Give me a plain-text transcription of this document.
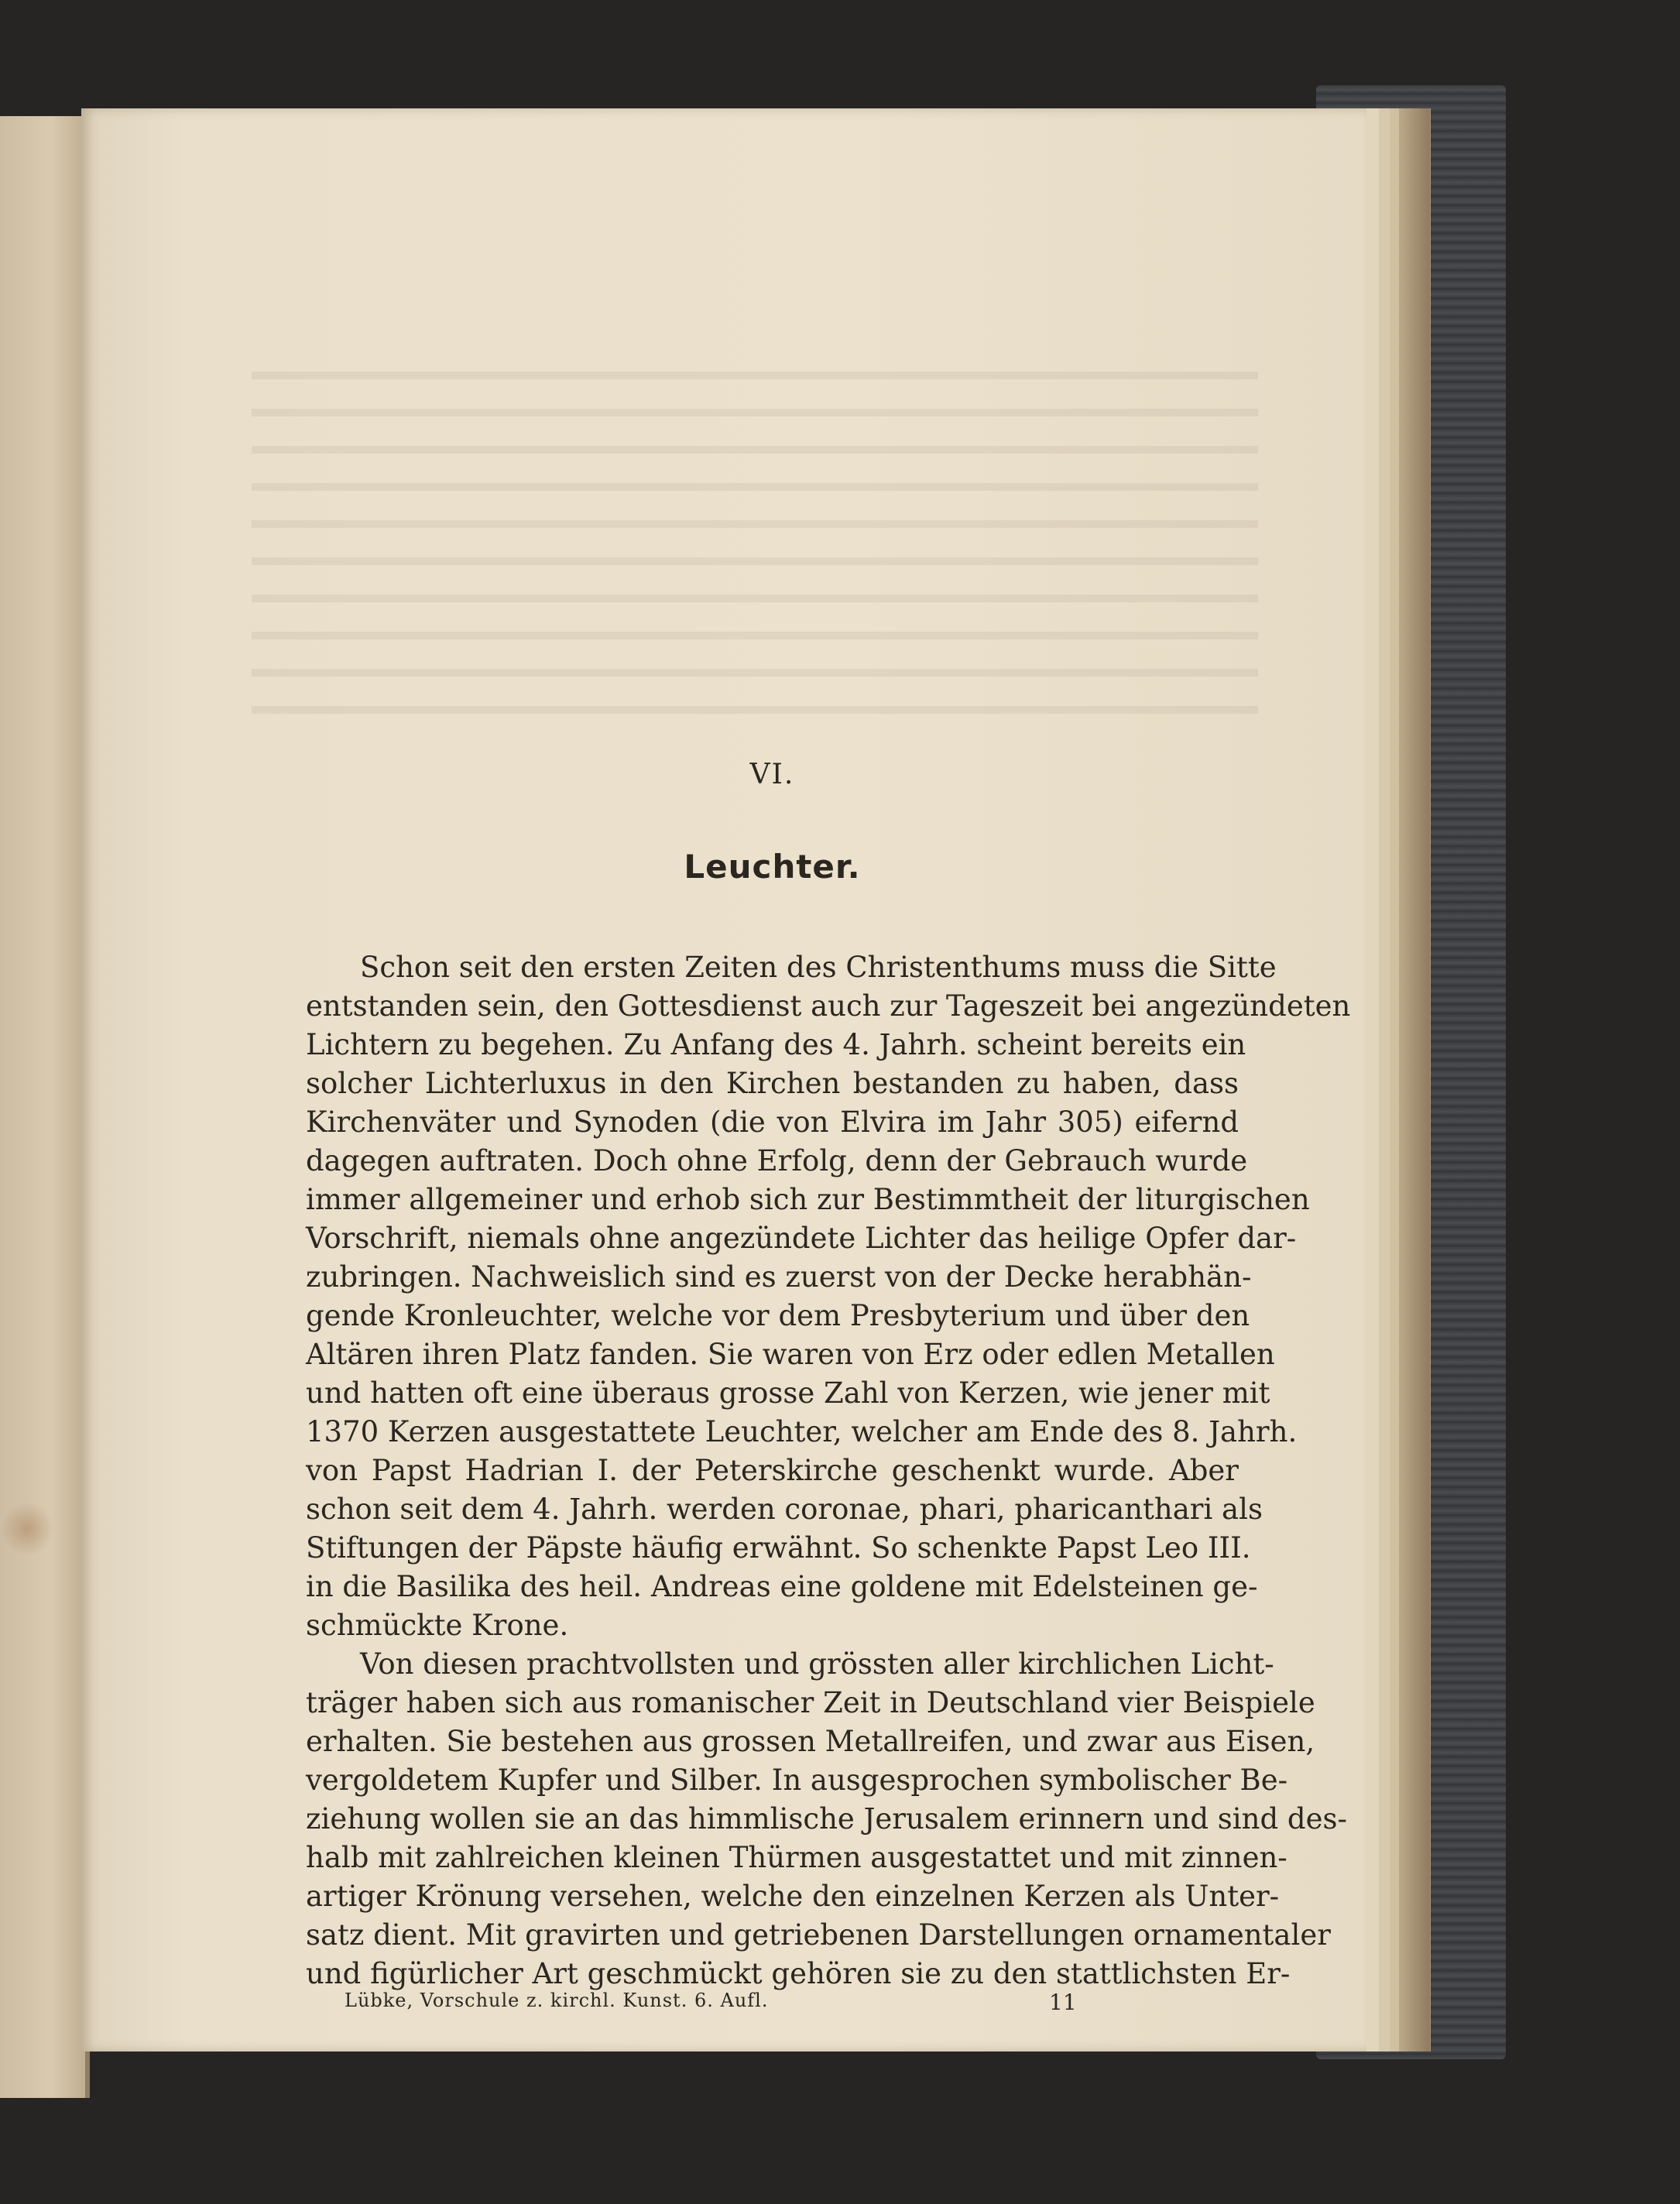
VI.
Leuchter.
Schon seit den ersten Zeiten des Christenthums muss die Sitte
entstanden sein, den Gottesdienst auch zur Tageszeit bei angezündeten
Lichtern zu begehen. Zu Anfang des 4. Jahrh. scheint bereits ein
solcher Lichterluxus in den Kirchen bestanden zu haben, dass
Kirchenväter und Synoden (die von Elvira im Jahr 305) eifernd
dagegen auftraten. Doch ohne Erfolg, denn der Gebrauch wurde
immer allgemeiner und erhob sich zur Bestimmtheit der liturgischen
Vorschrift, niemals ohne angezündete Lichter das heilige Opfer dar-
zubringen. Nachweislich sind es zuerst von der Decke herabhän-
gende Kronleuchter, welche vor dem Presbyterium und über den
Altären ihren Platz fanden. Sie waren von Erz oder edlen Metallen
und hatten oft eine überaus grosse Zahl von Kerzen, wie jener mit
1370 Kerzen ausgestattete Leuchter, welcher am Ende des 8. Jahrh.
von Papst Hadrian I. der Peterskirche geschenkt wurde. Aber
schon seit dem 4. Jahrh. werden coronae, phari, pharicanthari als
Stiftungen der Päpste häufig erwähnt. So schenkte Papst Leo III.
in die Basilika des heil. Andreas eine goldene mit Edelsteinen ge-
schmückte Krone.
Von diesen prachtvollsten und grössten aller kirchlichen Licht-
träger haben sich aus romanischer Zeit in Deutschland vier Beispiele
erhalten. Sie bestehen aus grossen Metallreifen, und zwar aus Eisen,
vergoldetem Kupfer und Silber. In ausgesprochen symbolischer Be-
ziehung wollen sie an das himmlische Jerusalem erinnern und sind des-
halb mit zahlreichen kleinen Thürmen ausgestattet und mit zinnen-
artiger Krönung versehen, welche den einzelnen Kerzen als Unter-
satz dient. Mit gravirten und getriebenen Darstellungen ornamentaler
und figürlicher Art geschmückt gehören sie zu den stattlichsten Er-
Lübke, Vorschule z. kirchl. Kunst. 6. Aufl.	11
